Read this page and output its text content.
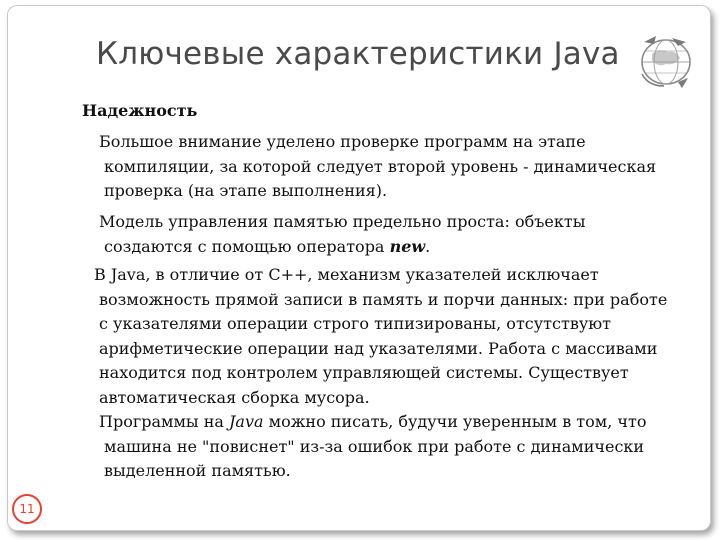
Ключевые характеристики Java
Надежность

Большое внимание уделено проверке программ на этапе компиляции, за которой следует второй уровень - динамическая проверка (на этапе выполнения).

Модель управления памятью предельно проста: объекты создаются с помощью оператора new.

В Java, в отличие от С++, механизм указателей исключает возможность прямой записи в память и порчи данных: при работе с указателями операции строго типизированы, отсутствуют арифметические операции над указателями. Работа с массивами находится под контролем управляющей системы. Существует автоматическая сборка мусора.

Программы на Java можно писать, будучи уверенным в том, что машина не "повиснет" из-за ошибок при работе с динамически выделенной памятью.

11
